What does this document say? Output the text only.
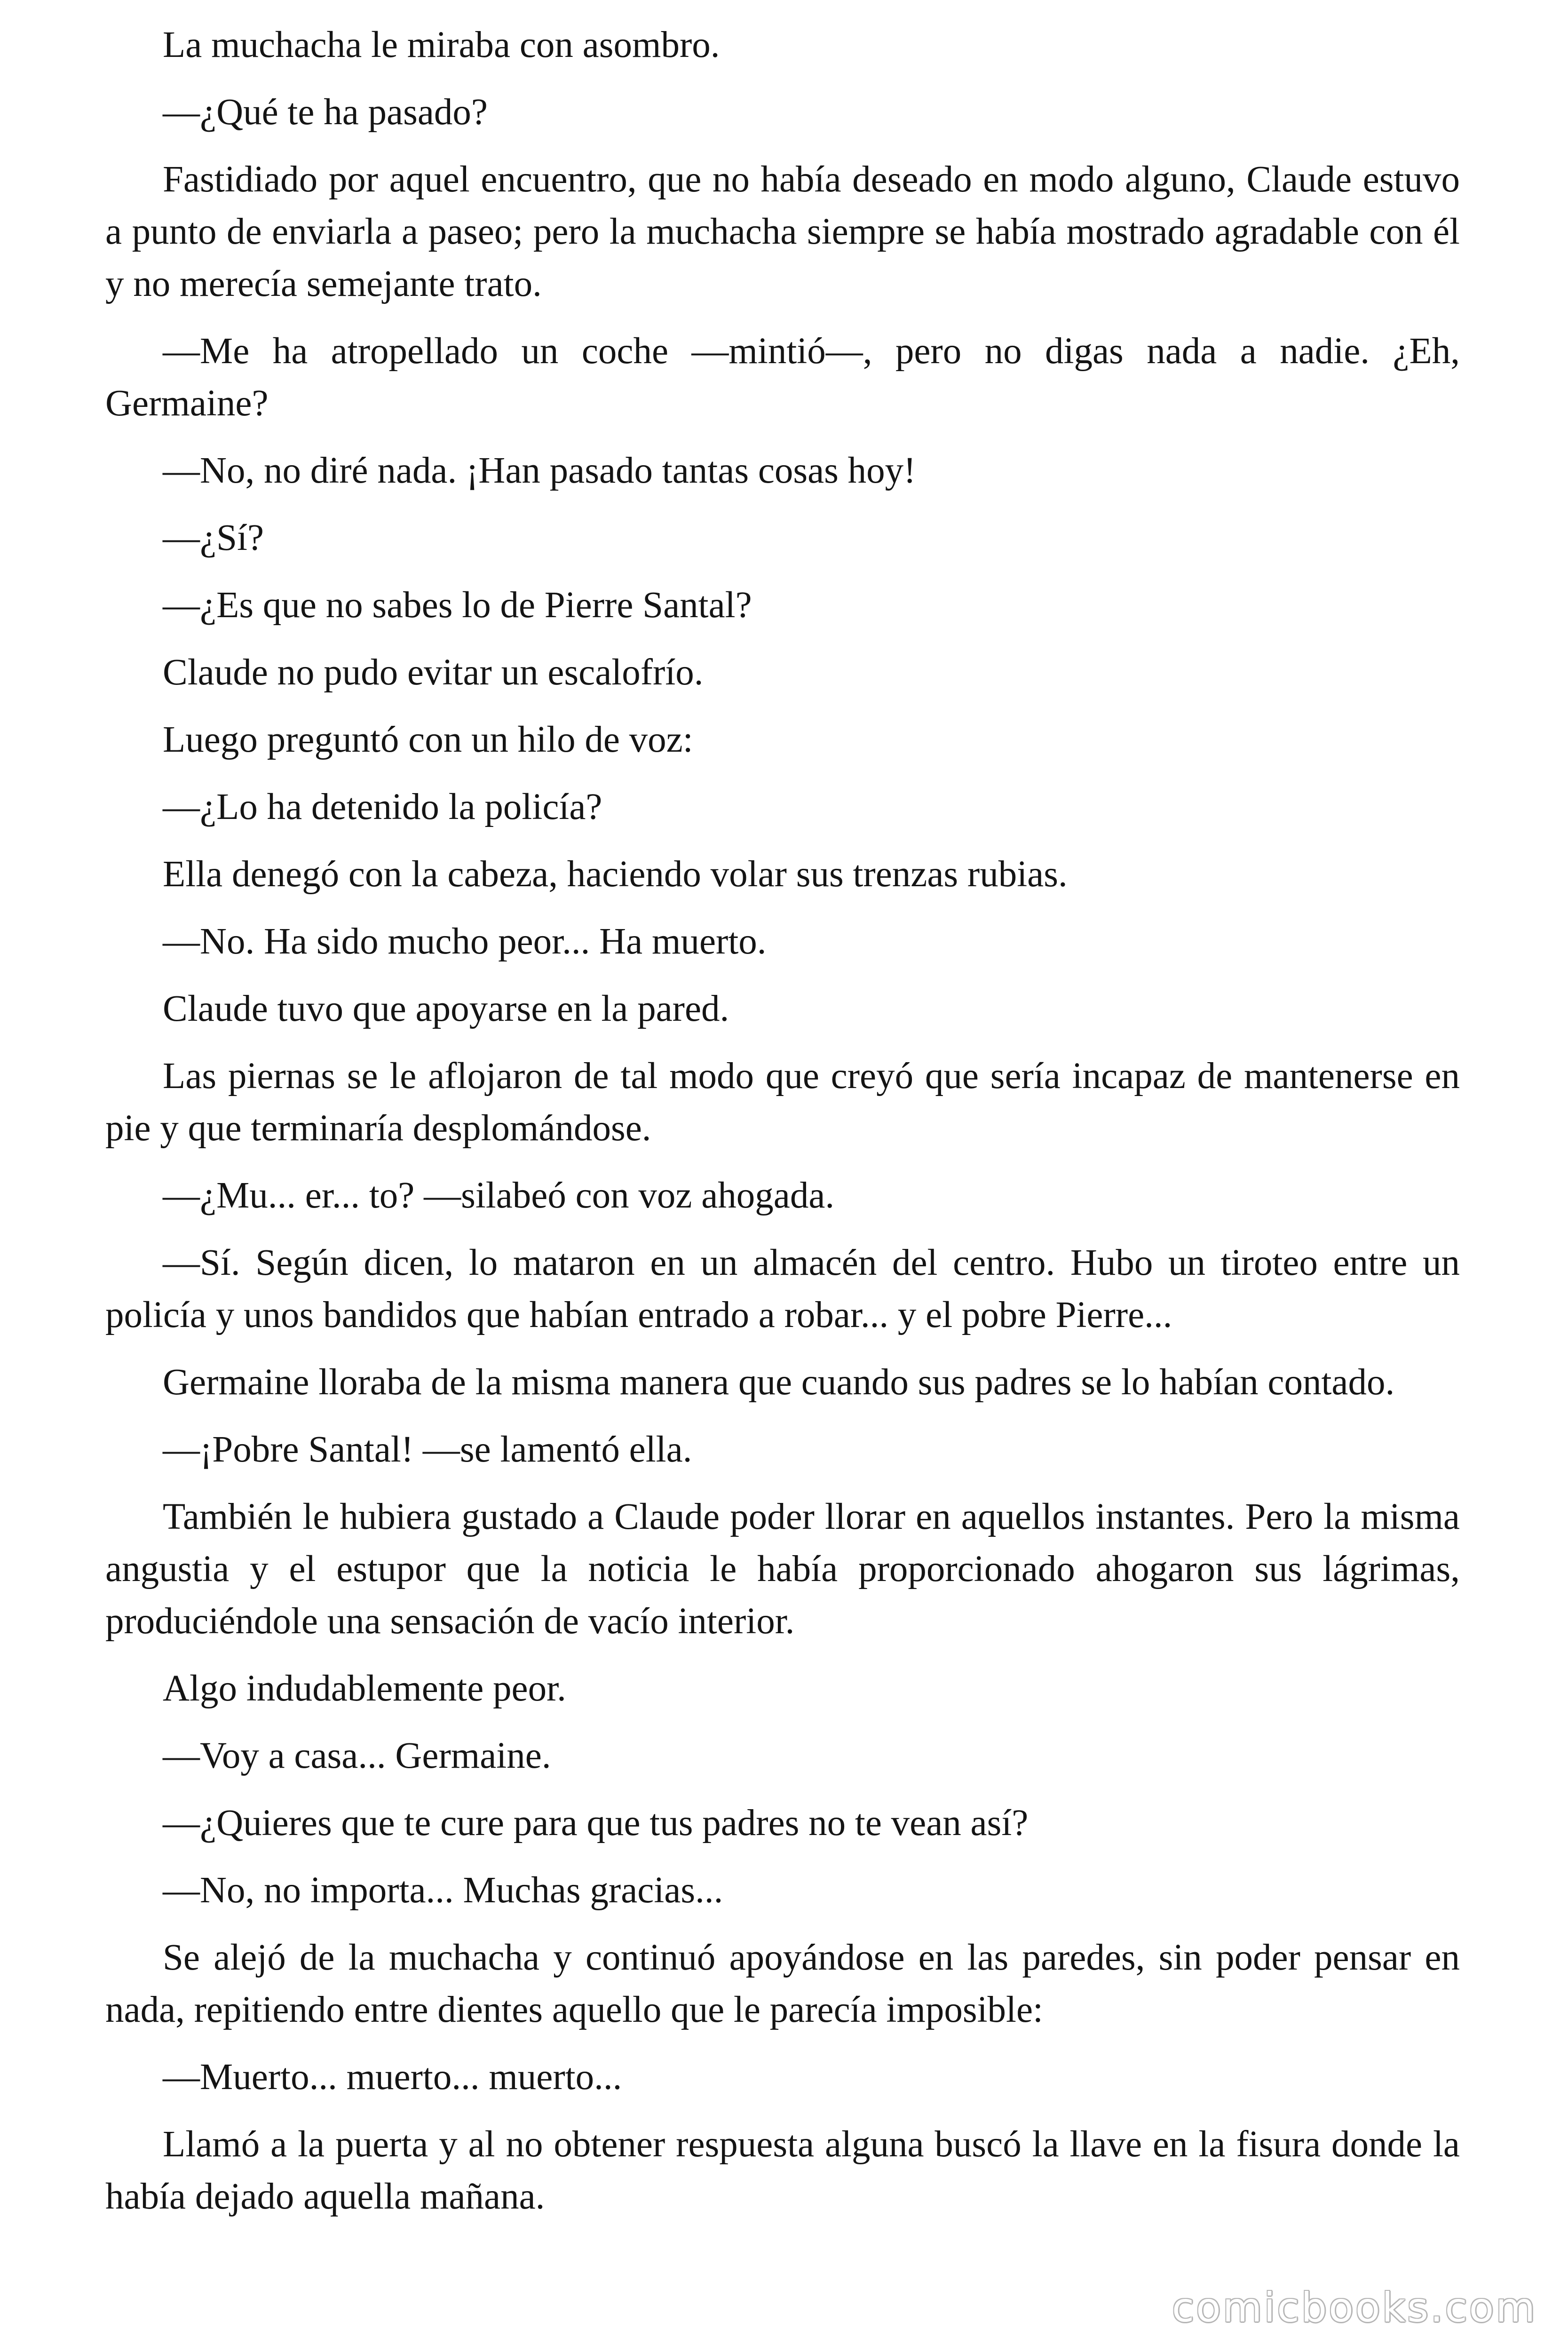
La muchacha le miraba con asombro.

—¿Qué te ha pasado?

Fastidiado por aquel encuentro, que no había deseado en modo alguno, Claude estuvo a punto de enviarla a paseo; pero la muchacha siempre se había mostrado agradable con él y no merecía semejante trato.

—Me ha atropellado un coche —mintió—, pero no digas nada a nadie. ¿Eh, Germaine?

—No, no diré nada. ¡Han pasado tantas cosas hoy!

—¿Sí?

—¿Es que no sabes lo de Pierre Santal?

Claude no pudo evitar un escalofrío.

Luego preguntó con un hilo de voz:

—¿Lo ha detenido la policía?

Ella denegó con la cabeza, haciendo volar sus trenzas rubias.

—No. Ha sido mucho peor... Ha muerto.

Claude tuvo que apoyarse en la pared.

Las piernas se le aflojaron de tal modo que creyó que sería incapaz de mantenerse en pie y que terminaría desplomándose.

—¿Mu... er... to? —silabeó con voz ahogada.

—Sí. Según dicen, lo mataron en un almacén del centro. Hubo un tiroteo entre un policía y unos bandidos que habían entrado a robar... y el pobre Pierre...

Germaine lloraba de la misma manera que cuando sus padres se lo habían contado.

—¡Pobre Santal! —se lamentó ella.

También le hubiera gustado a Claude poder llorar en aquellos instantes. Pero la misma angustia y el estupor que la noticia le había proporcionado ahogaron sus lágrimas, produciéndole una sensación de vacío interior.

Algo indudablemente peor.

—Voy a casa... Germaine.

—¿Quieres que te cure para que tus padres no te vean así?

—No, no importa... Muchas gracias...

Se alejó de la muchacha y continuó apoyándose en las paredes, sin poder pensar en nada, repitiendo entre dientes aquello que le parecía imposible:

—Muerto... muerto... muerto...

Llamó a la puerta y al no obtener respuesta alguna buscó la llave en la fisura donde la había dejado aquella mañana.

comicbooks.com
